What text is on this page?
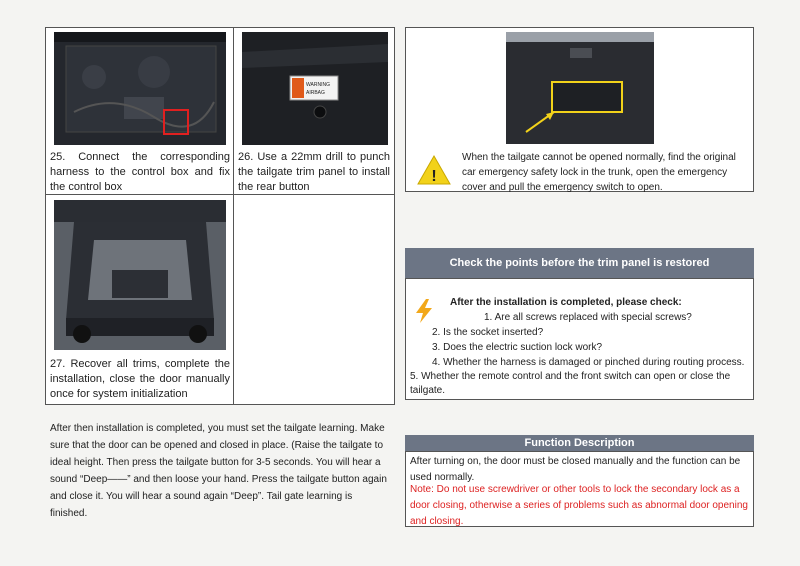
25. Connect the corresponding harness to the control box and fix the control box
WARNING
AIRBAG
26. Use a 22mm drill to punch the tailgate trim panel to install the rear button
27. Recover all trims, complete the installation, close the door manually once for system initialization
!
When the tailgate cannot be opened normally, find the original car emergency safety lock in the trunk, open the emergency cover and pull the emergency switch to open.
Check the points before the trim panel is restored
After the installation is completed, please check:
1. Are all screws replaced with special screws?
2. Is the socket inserted?
3. Does the electric suction lock work?
4. Whether the harness is damaged or pinched during routing process.
5. Whether the remote control and the front switch can open or close the tailgate.
After then installation is completed, you must set the tailgate learning. Make sure that the door can be opened and closed in place. (Raise the tailgate to ideal height. Then press the tailgate button for 3-5 seconds. You will hear a sound “Deep——” and then loose your hand. Press the tailgate button again and close it. You will hear a sound again “Deep”. Tail gate learning is finished.
Function Description
After turning on, the door must be closed manually and the function can be used normally.
Note: Do not use screwdriver or other tools to lock the secondary lock as a door closing, otherwise a series of problems such as abnormal door opening and closing.
